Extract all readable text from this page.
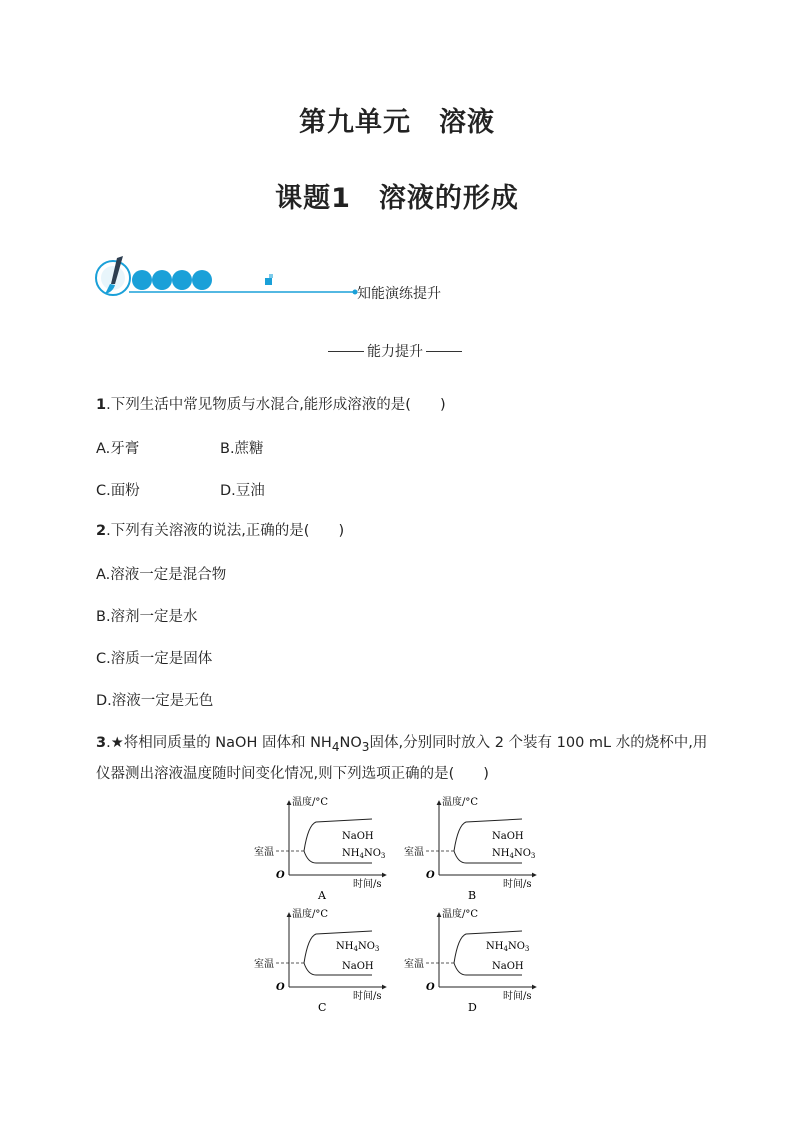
第九单元　溶液
课题1　溶液的形成
知能演练提升
能力提升
1.下列生活中常见物质与水混合,能形成溶液的是(　　)
A.牙膏	B.蔗糖
C.面粉	D.豆油
2.下列有关溶液的说法,正确的是(　　)
A.溶液一定是混合物
B.溶剂一定是水
C.溶质一定是固体
D.溶液一定是无色
3.★将相同质量的 NaOH 固体和 $NH_4NO_3$固体,分别同时放入 2 个装有 100 mL 水的烧杯中,用仪器测出溶液温度随时间变化情况,则下列选项正确的是(　　)
温度/°C
时间/s
室温
O
NaOH
$NH_4NO_3$
A
温度/°C
时间/s
室温
O
NaOH
$NH_4NO_3$
B
温度/°C
时间/s
室温
O
$NH_4NO_3$
NaOH
C
温度/°C
时间/s
室温
O
$NH_4NO_3$
NaOH
D
